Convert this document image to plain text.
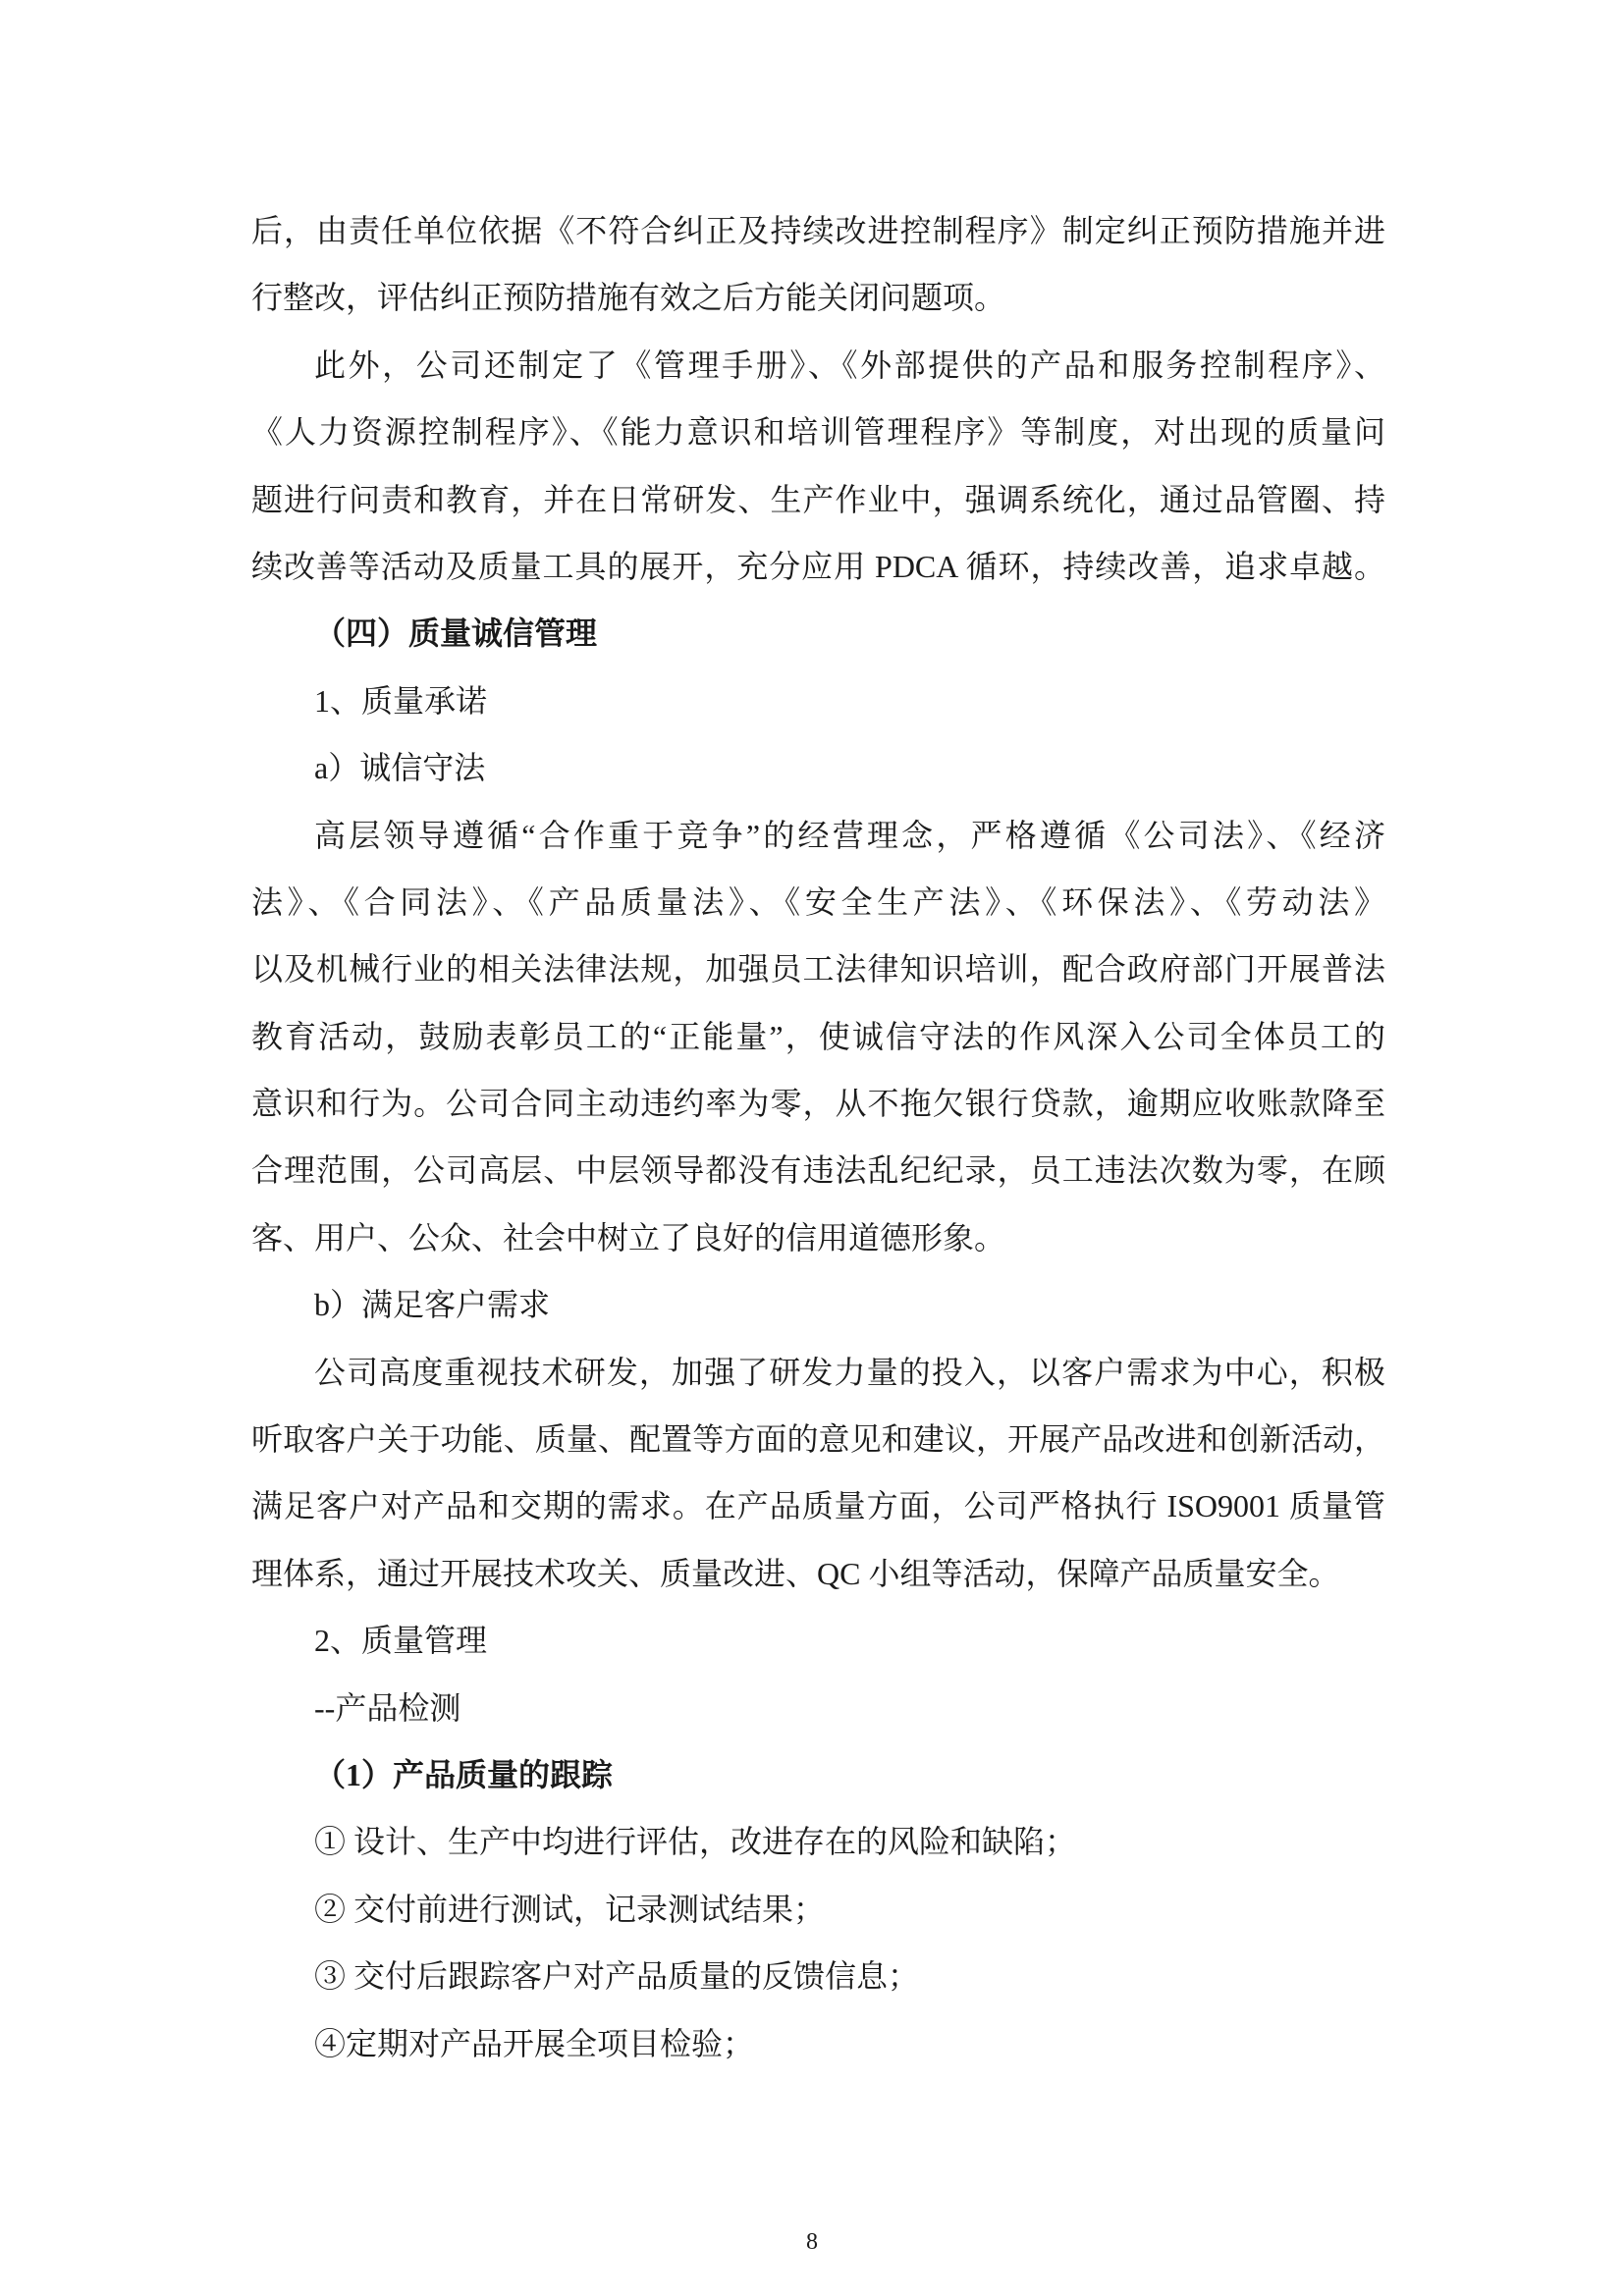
后，由责任单位依据《不符合纠正及持续改进控制程序》制定纠正预防措施并进
行整改，评估纠正预防措施有效之后方能关闭问题项。
此外，公司还制定了《管理手册》、《外部提供的产品和服务控制程序》、
《人力资源控制程序》、《能力意识和培训管理程序》等制度，对出现的质量问
题进行问责和教育，并在日常研发、生产作业中，强调系统化，通过品管圈、持
续改善等活动及质量工具的展开，充分应用 PDCA 循环，持续改善，追求卓越。
（四）质量诚信管理
1、质量承诺
a）诚信守法
高层领导遵循“合作重于竞争”的经营理念，严格遵循《公司法》、《经济
法》、《合同法》、《产品质量法》、《安全生产法》、《环保法》、《劳动法》
以及机械行业的相关法律法规，加强员工法律知识培训，配合政府部门开展普法
教育活动，鼓励表彰员工的“正能量”，使诚信守法的作风深入公司全体员工的
意识和行为。公司合同主动违约率为零，从不拖欠银行贷款，逾期应收账款降至
合理范围，公司高层、中层领导都没有违法乱纪纪录，员工违法次数为零，在顾
客、用户、公众、社会中树立了良好的信用道德形象。
b）满足客户需求
公司高度重视技术研发，加强了研发力量的投入，以客户需求为中心，积极
听取客户关于功能、质量、配置等方面的意见和建议，开展产品改进和创新活动，
满足客户对产品和交期的需求。在产品质量方面，公司严格执行 ISO9001 质量管
理体系，通过开展技术攻关、质量改进、QC 小组等活动，保障产品质量安全。
2、质量管理
--产品检测
（1）产品质量的跟踪
① 设计、生产中均进行评估，改进存在的风险和缺陷；
② 交付前进行测试，记录测试结果；
③ 交付后跟踪客户对产品质量的反馈信息；
④定期对产品开展全项目检验；
8
